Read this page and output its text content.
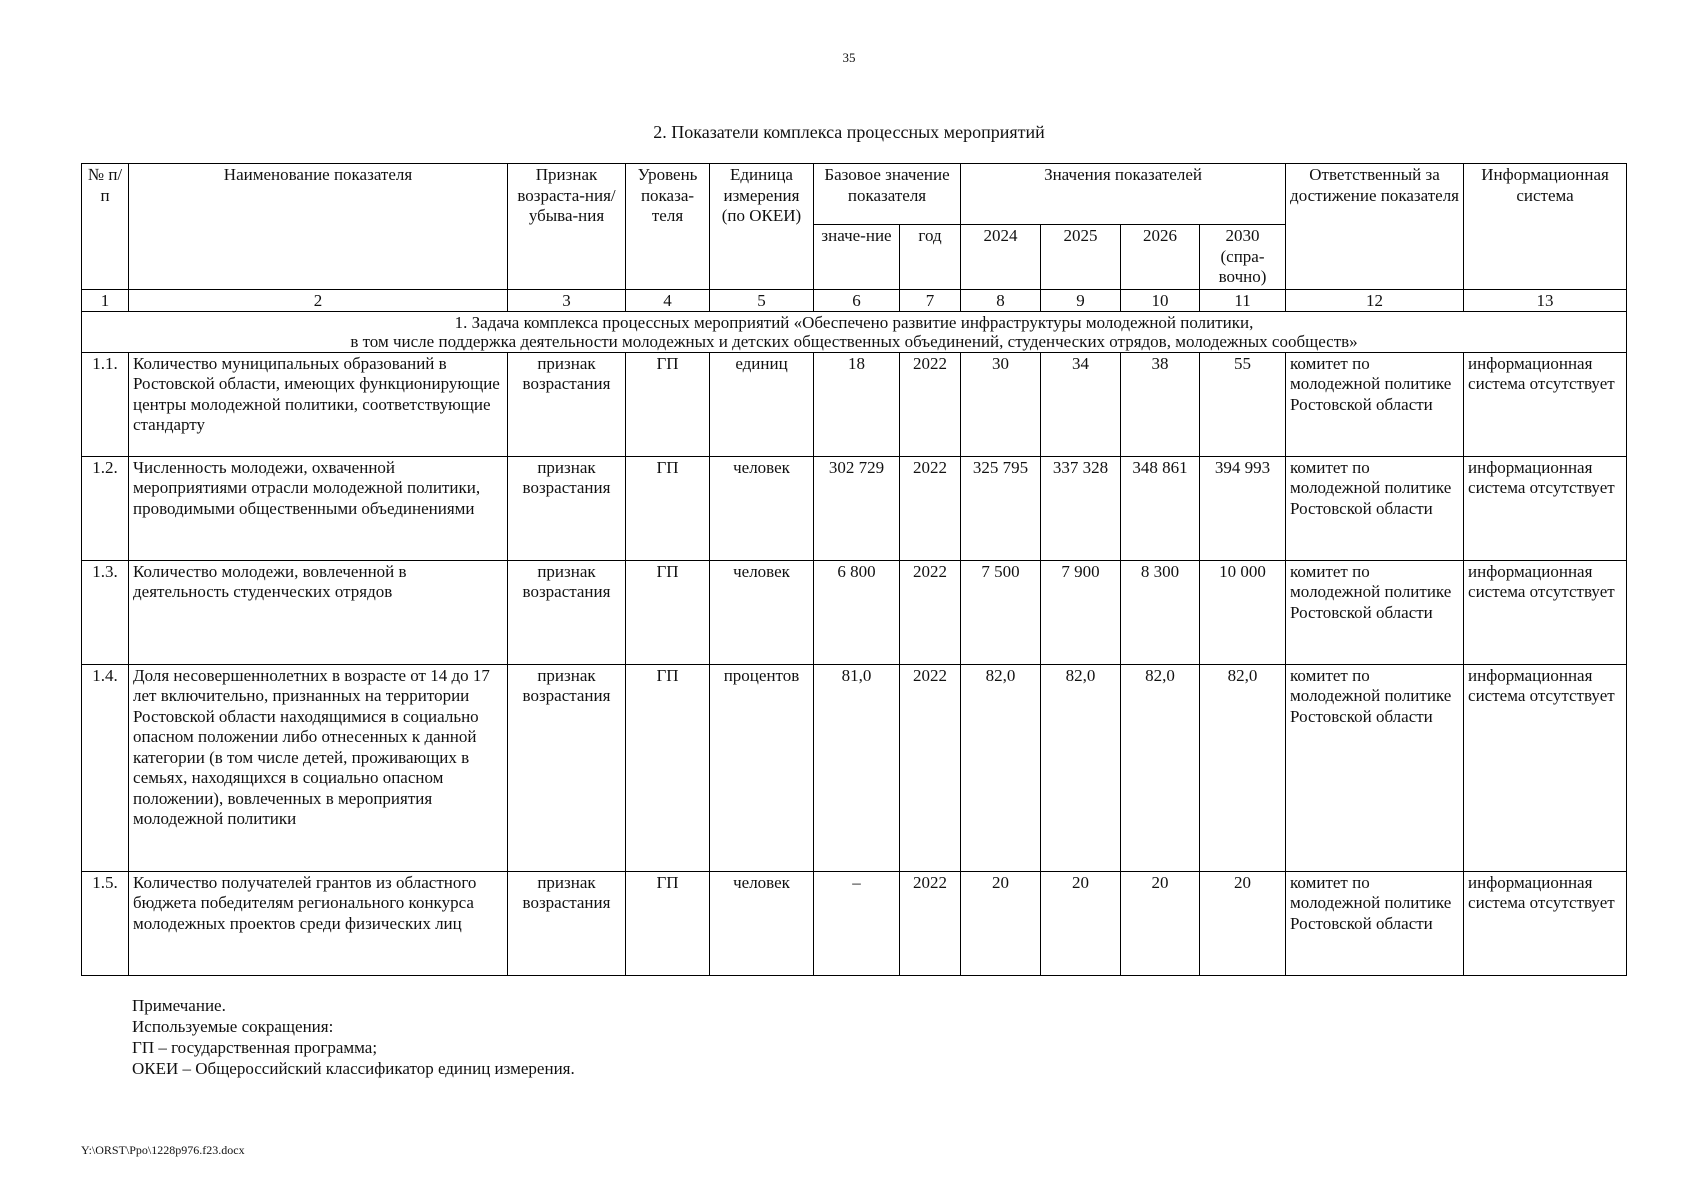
35
2. Показатели комплекса процессных мероприятий
№ п/п	Наименование показателя	Признак возраста-ния/убыва-ния	Уровень показа-теля	Единица измерения (по ОКЕИ)	Базовое значение показателя		Значения показателей				Ответственный за достижение показателя	Информационная система
					значе-ние	год	2024	2025	2026	2030 (спра-вочно)		
1	2	3	4	5	6	7	8	9	10	11	12	13

1. Задача комплекса процессных мероприятий «Обеспечено развитие инфраструктуры молодежной политики,
в том числе поддержка деятельности молодежных и детских общественных объединений, студенческих отрядов, молодежных сообществ»												

1.1.	Количество муниципальных образований в Ростовской области, имеющих функционирующие центры молодежной политики, соответствующие стандарту	признак возрастания	ГП	единиц	18	2022	30	34	38	55	комитет по молодежной политике Ростовской области	информационная система отсутствует
1.2.	Численность молодежи, охваченной мероприятиями отрасли молодежной политики, проводимыми общественными объединениями	признак возрастания	ГП	человек	302 729	2022	325 795	337 328	348 861	394 993	комитет по молодежной политике Ростовской области	информационная система отсутствует
1.3.	Количество молодежи, вовлеченной в деятельность студенческих отрядов	признак возрастания	ГП	человек	6 800	2022	7 500	7 900	8 300	10 000	комитет по молодежной политике Ростовской области	информационная система отсутствует
1.4.	Доля несовершеннолетних в возрасте от 14 до 17 лет включительно, признанных на территории Ростовской области находящимися в социально опасном положении либо отнесенных к данной категории (в том числе детей, проживающих в семьях, находящихся в социально опасном положении), вовлеченных в мероприятия молодежной политики	признак возрастания	ГП	процентов	81,0	2022	82,0	82,0	82,0	82,0	комитет по молодежной политике Ростовской области	информационная система отсутствует
1.5.	Количество получателей грантов из областного бюджета победителям регионального конкурса молодежных проектов среди физических лиц	признак возрастания	ГП	человек	–	2022	20	20	20	20	комитет по молодежной политике Ростовской области	информационная система отсутствует
Примечание.
Используемые сокращения:
ГП – государственная программа;
ОКЕИ – Общероссийский классификатор единиц измерения.
Y:\ORST\Ppo\1228p976.f23.docx
